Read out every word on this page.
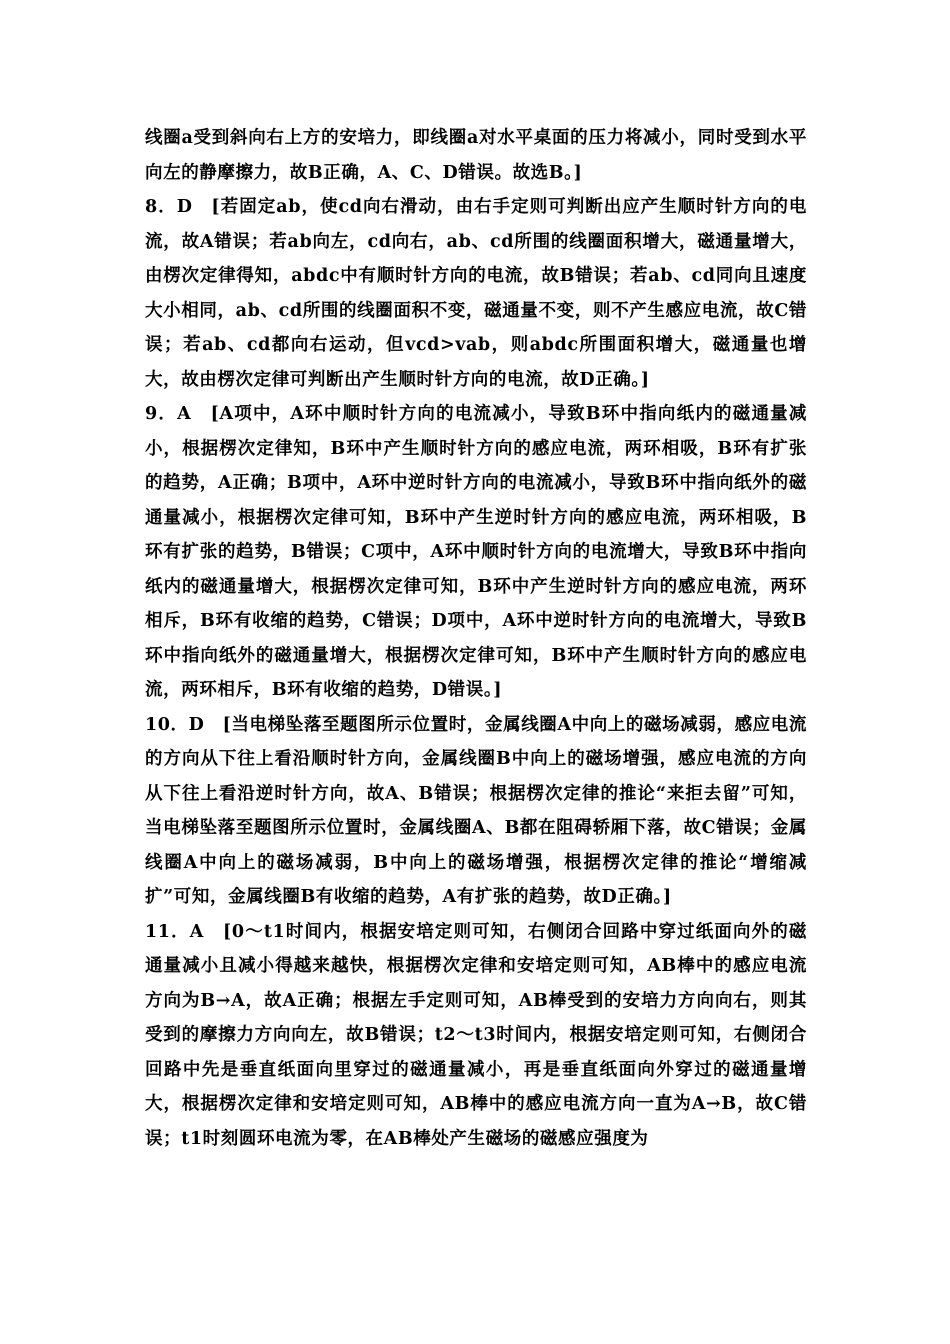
线圈a受到斜向右上方的安培力，即线圈a对水平桌面的压力将减小，同时受到水平向左的静摩擦力，故B正确，A、C、D错误。故选B。]

8．D　[若固定ab，使cd向右滑动，由右手定则可判断出应产生顺时针方向的电流，故A错误；若ab向左，cd向右，ab、cd所围的线圈面积增大，磁通量增大，由楞次定律得知，abdc中有顺时针方向的电流，故B错误；若ab、cd同向且速度大小相同，ab、cd所围的线圈面积不变，磁通量不变，则不产生感应电流，故C错误；若ab、cd都向右运动，但vcd>vab，则abdc所围面积增大，磁通量也增大，故由楞次定律可判断出产生顺时针方向的电流，故D正确。]

9．A　[A项中，A环中顺时针方向的电流减小，导致B环中指向纸内的磁通量减小，根据楞次定律知，B环中产生顺时针方向的感应电流，两环相吸，B环有扩张的趋势，A正确；B项中，A环中逆时针方向的电流减小，导致B环中指向纸外的磁通量减小，根据楞次定律可知，B环中产生逆时针方向的感应电流，两环相吸，B环有扩张的趋势，B错误；C项中，A环中顺时针方向的电流增大，导致B环中指向纸内的磁通量增大，根据楞次定律可知，B环中产生逆时针方向的感应电流，两环相斥，B环有收缩的趋势，C错误；D项中，A环中逆时针方向的电流增大，导致B环中指向纸外的磁通量增大，根据楞次定律可知，B环中产生顺时针方向的感应电流，两环相斥，B环有收缩的趋势，D错误。]

10．D　[当电梯坠落至题图所示位置时，金属线圈A中向上的磁场减弱，感应电流的方向从下往上看沿顺时针方向，金属线圈B中向上的磁场增强，感应电流的方向从下往上看沿逆时针方向，故A、B错误；根据楞次定律的推论“来拒去留”可知，当电梯坠落至题图所示位置时，金属线圈A、B都在阻碍轿厢下落，故C错误；金属线圈A中向上的磁场减弱，B中向上的磁场增强，根据楞次定律的推论“增缩减扩”可知，金属线圈B有收缩的趋势，A有扩张的趋势，故D正确。]

11．A　[0～t1时间内，根据安培定则可知，右侧闭合回路中穿过纸面向外的磁通量减小且减小得越来越快，根据楞次定律和安培定则可知，AB棒中的感应电流方向为B→A，故A正确；根据左手定则可知，AB棒受到的安培力方向向右，则其受到的摩擦力方向向左，故B错误；t2～t3时间内，根据安培定则可知，右侧闭合回路中先是垂直纸面向里穿过的磁通量减小，再是垂直纸面向外穿过的磁通量增大，根据楞次定律和安培定则可知，AB棒中的感应电流方向一直为A→B，故C错误；t1时刻圆环电流为零，在AB棒处产生磁场的磁感应强度为
